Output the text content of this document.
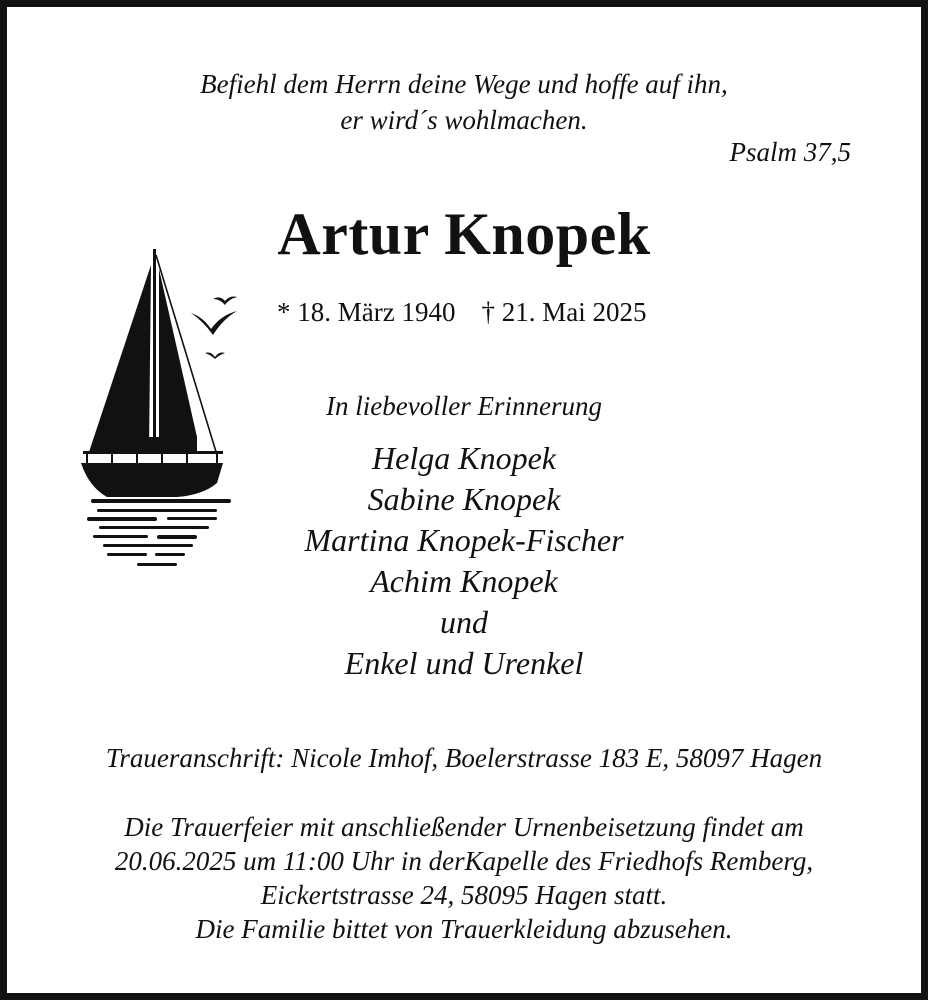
Befiehl dem Herrn deine Wege und hoffe auf ihn,
er wird´s wohlmachen.
Psalm 37,5
Artur Knopek
* 18. März 1940 † 21. Mai 2025
In liebevoller Erinnerung
Helga Knopek
Sabine Knopek
Martina Knopek-Fischer
Achim Knopek
und
Enkel und Urenkel
Traueranschrift: Nicole Imhof, Boelerstrasse 183 E, 58097 Hagen
Die Trauerfeier mit anschließender Urnenbeisetzung findet am
20.06.2025 um 11:00 Uhr in derKapelle des Friedhofs Remberg,
Eickertstrasse 24, 58095 Hagen statt.
Die Familie bittet von Trauerkleidung abzusehen.
